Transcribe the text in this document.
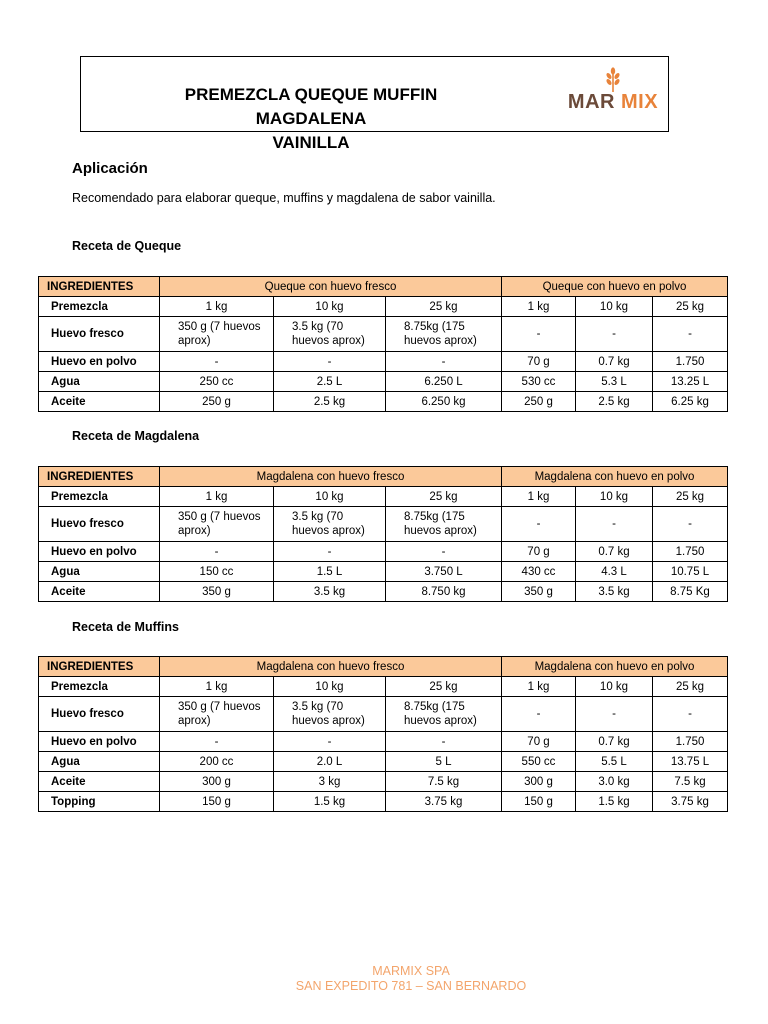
PREMEZCLA QUEQUE MUFFIN MAGDALENA
VAINILLA
MAR MIX
Aplicación
Recomendado para elaborar queque, muffins y magdalena de sabor vainilla.
Receta de Queque
INGREDIENTES	Queque con huevo fresco			Queque con huevo en polvo		
Premezcla	1 kg	10 kg	25 kg	1 kg	10 kg	25 kg
Huevo fresco	350 g (7 huevos aprox)	3.5 kg (70 huevos aprox)	8.75kg (175 huevos aprox)	-	-	-
Huevo en polvo	-	-	-	70 g	0.7 kg	1.750
Agua	250 cc	2.5 L	6.250 L	530 cc	5.3 L	13.25 L
Aceite	250 g	2.5 kg	6.250 kg	250 g	2.5 kg	6.25 kg
Receta de Magdalena
INGREDIENTES	Magdalena con huevo fresco			Magdalena con huevo en polvo		
Premezcla	1 kg	10 kg	25 kg	1 kg	10 kg	25 kg
Huevo fresco	350 g (7 huevos aprox)	3.5 kg (70 huevos aprox)	8.75kg (175 huevos aprox)	-	-	-
Huevo en polvo	-	-	-	70 g	0.7 kg	1.750
Agua	150 cc	1.5 L	3.750 L	430 cc	4.3 L	10.75 L
Aceite	350 g	3.5 kg	8.750 kg	350 g	3.5 kg	8.75 Kg
Receta de Muffins
INGREDIENTES	Magdalena con huevo fresco			Magdalena con huevo en polvo		
Premezcla	1 kg	10 kg	25 kg	1 kg	10 kg	25 kg
Huevo fresco	350 g (7 huevos aprox)	3.5 kg (70 huevos aprox)	8.75kg (175 huevos aprox)	-	-	-
Huevo en polvo	-	-	-	70 g	0.7 kg	1.750
Agua	200 cc	2.0 L	5 L	550 cc	5.5 L	13.75 L
Aceite	300 g	3 kg	7.5 kg	300 g	3.0 kg	7.5 kg
Topping	150 g	1.5 kg	3.75 kg	150 g	1.5 kg	3.75 kg
MARMIX SPA
SAN EXPEDITO 781 – SAN BERNARDO
